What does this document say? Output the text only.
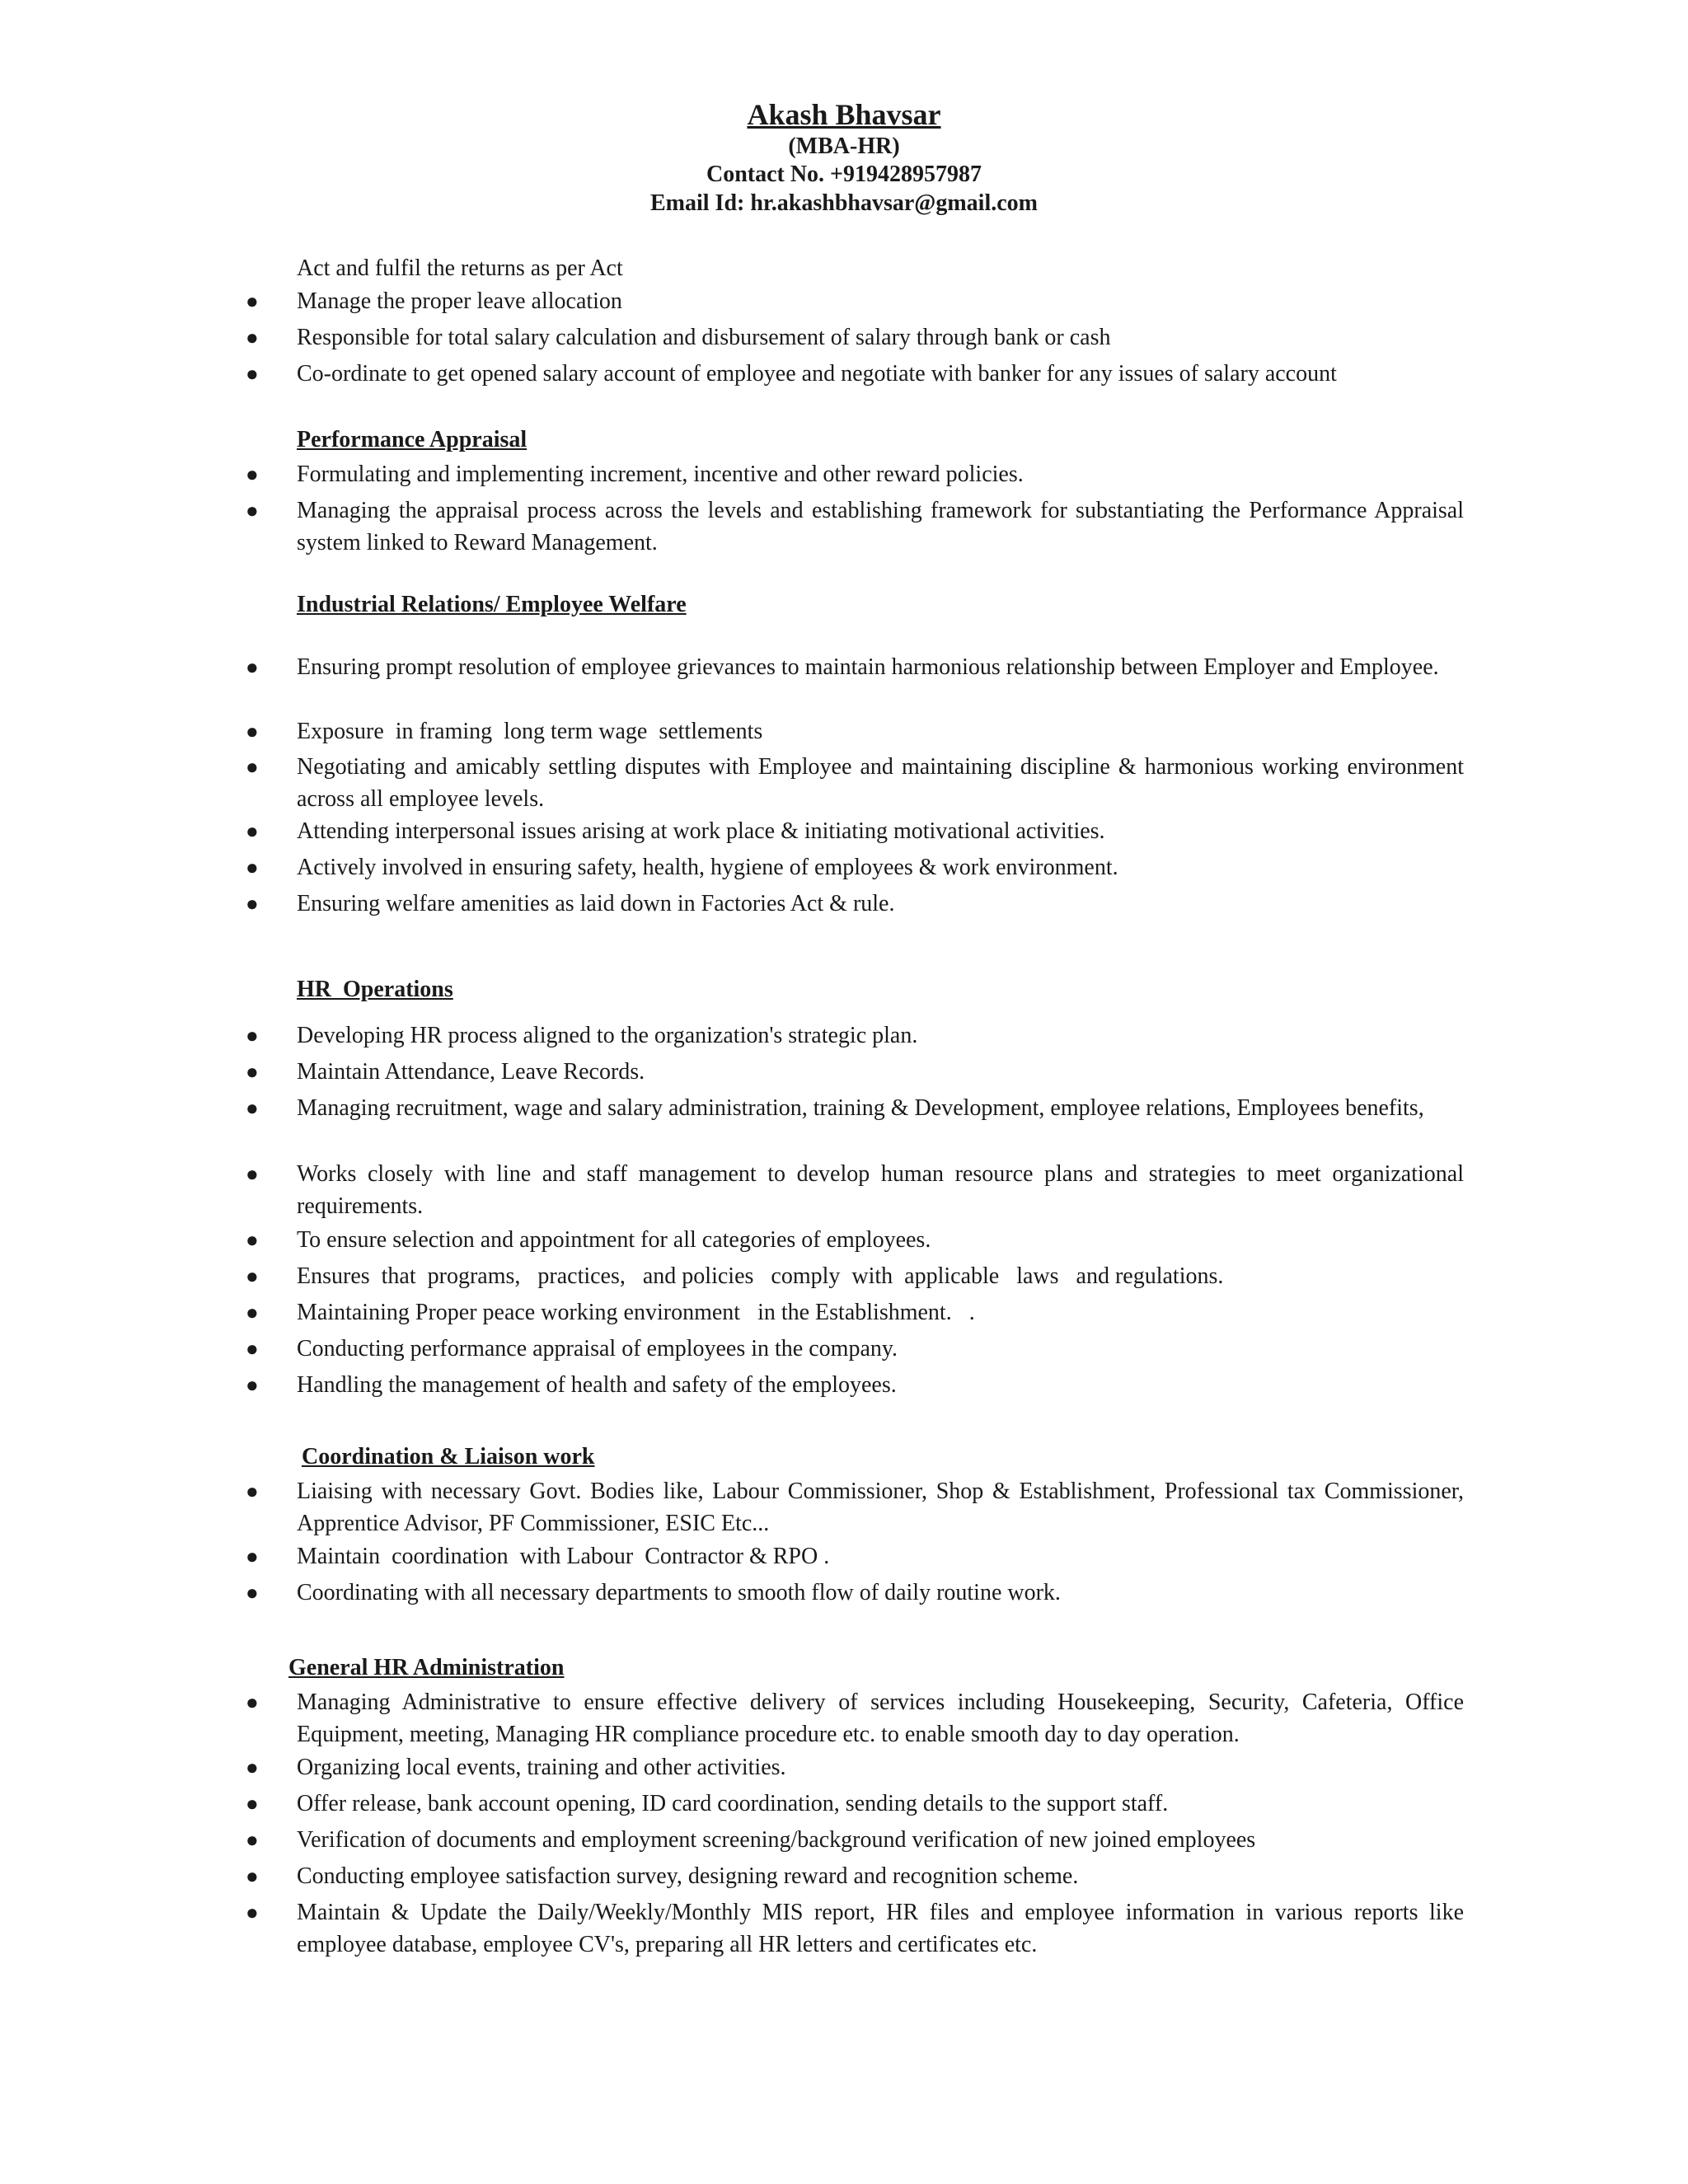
Akash Bhavsar
(MBA-HR)
Contact No. +919428957987
Email Id: hr.akashbhavsar@gmail.com
Act and fulfil the returns as per Act
●	Manage the proper leave allocation
●	Responsible for total salary calculation and disbursement of salary through bank or cash
●	Co-ordinate to get opened salary account of employee and negotiate with banker for any issues of salary account
Performance Appraisal
●	Formulating and implementing increment, incentive and other reward policies.
●	Managing the appraisal process across the levels and establishing framework for substantiating the Performance Appraisal system linked to Reward Management.
Industrial Relations/ Employee Welfare
●	Ensuring prompt resolution of employee grievances to maintain harmonious relationship between Employer and Employee.
●	Exposure  in framing  long term wage  settlements
●	Negotiating and amicably settling disputes with Employee and maintaining discipline & harmonious working environment across all employee levels.
●	Attending interpersonal issues arising at work place & initiating motivational activities.
●	Actively involved in ensuring safety, health, hygiene of employees & work environment.
●	Ensuring welfare amenities as laid down in Factories Act & rule.
HR  Operations
●	Developing HR process aligned to the organization's strategic plan.
●	Maintain Attendance, Leave Records.
●	Managing recruitment, wage and salary administration, training & Development, employee relations, Employees benefits,
●	Works closely with line and staff management to develop human resource plans and strategies to meet organizational requirements.
●	To ensure selection and appointment for all categories of employees.
●	Ensures  that  programs,   practices,   and policies   comply  with  applicable   laws   and regulations.
●	Maintaining Proper peace working environment   in the Establishment.   .
●	Conducting performance appraisal of employees in the company.
●	Handling the management of health and safety of the employees.
Coordination & Liaison work
●	Liaising with necessary Govt. Bodies like, Labour Commissioner, Shop & Establishment, Professional tax Commissioner, Apprentice Advisor, PF Commissioner, ESIC Etc...
●	Maintain  coordination  with Labour  Contractor & RPO .
●	Coordinating with all necessary departments to smooth flow of daily routine work.
General HR Administration
●	Managing Administrative to ensure effective delivery of services including Housekeeping, Security, Cafeteria, Office Equipment, meeting, Managing HR compliance procedure etc. to enable smooth day to day operation.
●	Organizing local events, training and other activities.
●	Offer release, bank account opening, ID card coordination, sending details to the support staff.
●	Verification of documents and employment screening/background verification of new joined employees
●	Conducting employee satisfaction survey, designing reward and recognition scheme.
●	Maintain & Update the Daily/Weekly/Monthly MIS report, HR files and employee information in various reports like employee database, employee CV's, preparing all HR letters and certificates etc.
